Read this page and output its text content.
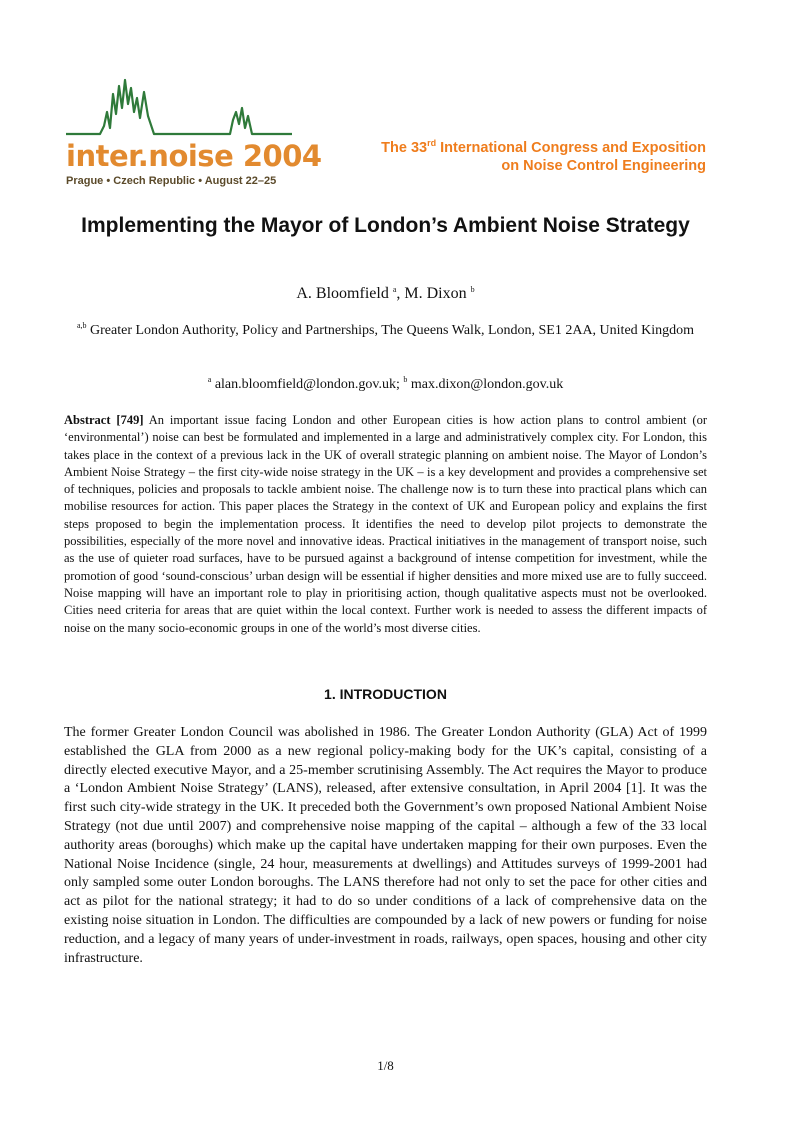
inter.noise 2004

Prague • Czech Republic • August 22–25

The 33rd International Congress and Exposition
on Noise Control Engineering
Implementing the Mayor of London’s Ambient Noise Strategy

A. Bloomfield $^a$, M. Dixon $^b$

$^{a,b}$ Greater London Authority, Policy and Partnerships, The Queens Walk, London, SE1 2AA, United Kingdom

$^a$ alan.bloomfield@london.gov.uk; $^b$ max.dixon@london.gov.uk

Abstract [749] An important issue facing London and other European cities is how action plans to control ambient (or ‘environmental’) noise can best be formulated and implemented in a large and administratively complex city. For London, this takes place in the context of a previous lack in the UK of overall strategic planning on ambient noise. The Mayor of London’s Ambient Noise Strategy – the first city-wide noise strategy in the UK – is a key development and provides a comprehensive set of techniques, policies and proposals to tackle ambient noise. The challenge now is to turn these into practical plans which can mobilise resources for action. This paper places the Strategy in the context of UK and European policy and explains the first steps proposed to begin the implementation process. It identifies the need to develop pilot projects to demonstrate the possibilities, especially of the more novel and innovative ideas. Practical initiatives in the management of transport noise, such as the use of quieter road surfaces, have to be pursued against a background of intense competition for investment, while the promotion of good ‘sound-conscious’ urban design will be essential if higher densities and more mixed use are to fully succeed. Noise mapping will have an important role to play in prioritising action, though qualitative aspects must not be overlooked. Cities need criteria for areas that are quiet within the local context. Further work is needed to assess the different impacts of noise on the many socio-economic groups in one of the world’s most diverse cities.

1. INTRODUCTION

The former Greater London Council was abolished in 1986. The Greater London Authority (GLA) Act of 1999 established the GLA from 2000 as a new regional policy-making body for the UK’s capital, consisting of a directly elected executive Mayor, and a 25-member scrutinising Assembly. The Act requires the Mayor to produce a ‘London Ambient Noise Strategy’ (LANS), released, after extensive consultation, in April 2004 [1]. It was the first such city-wide strategy in the UK. It preceded both the Government’s own proposed National Ambient Noise Strategy (not due until 2007) and comprehensive noise mapping of the capital – although a few of the 33 local authority areas (boroughs) which make up the capital have undertaken mapping for their own purposes. Even the National Noise Incidence (single, 24 hour, measurements at dwellings) and Attitudes surveys of 1999-2001 had only sampled some outer London boroughs. The LANS therefore had not only to set the pace for other cities and act as pilot for the national strategy; it had to do so under conditions of a lack of comprehensive data on the existing noise situation in London. The difficulties are compounded by a lack of new powers or funding for noise reduction, and a legacy of many years of under-investment in roads, railways, open spaces, housing and other city infrastructure.

1/8
